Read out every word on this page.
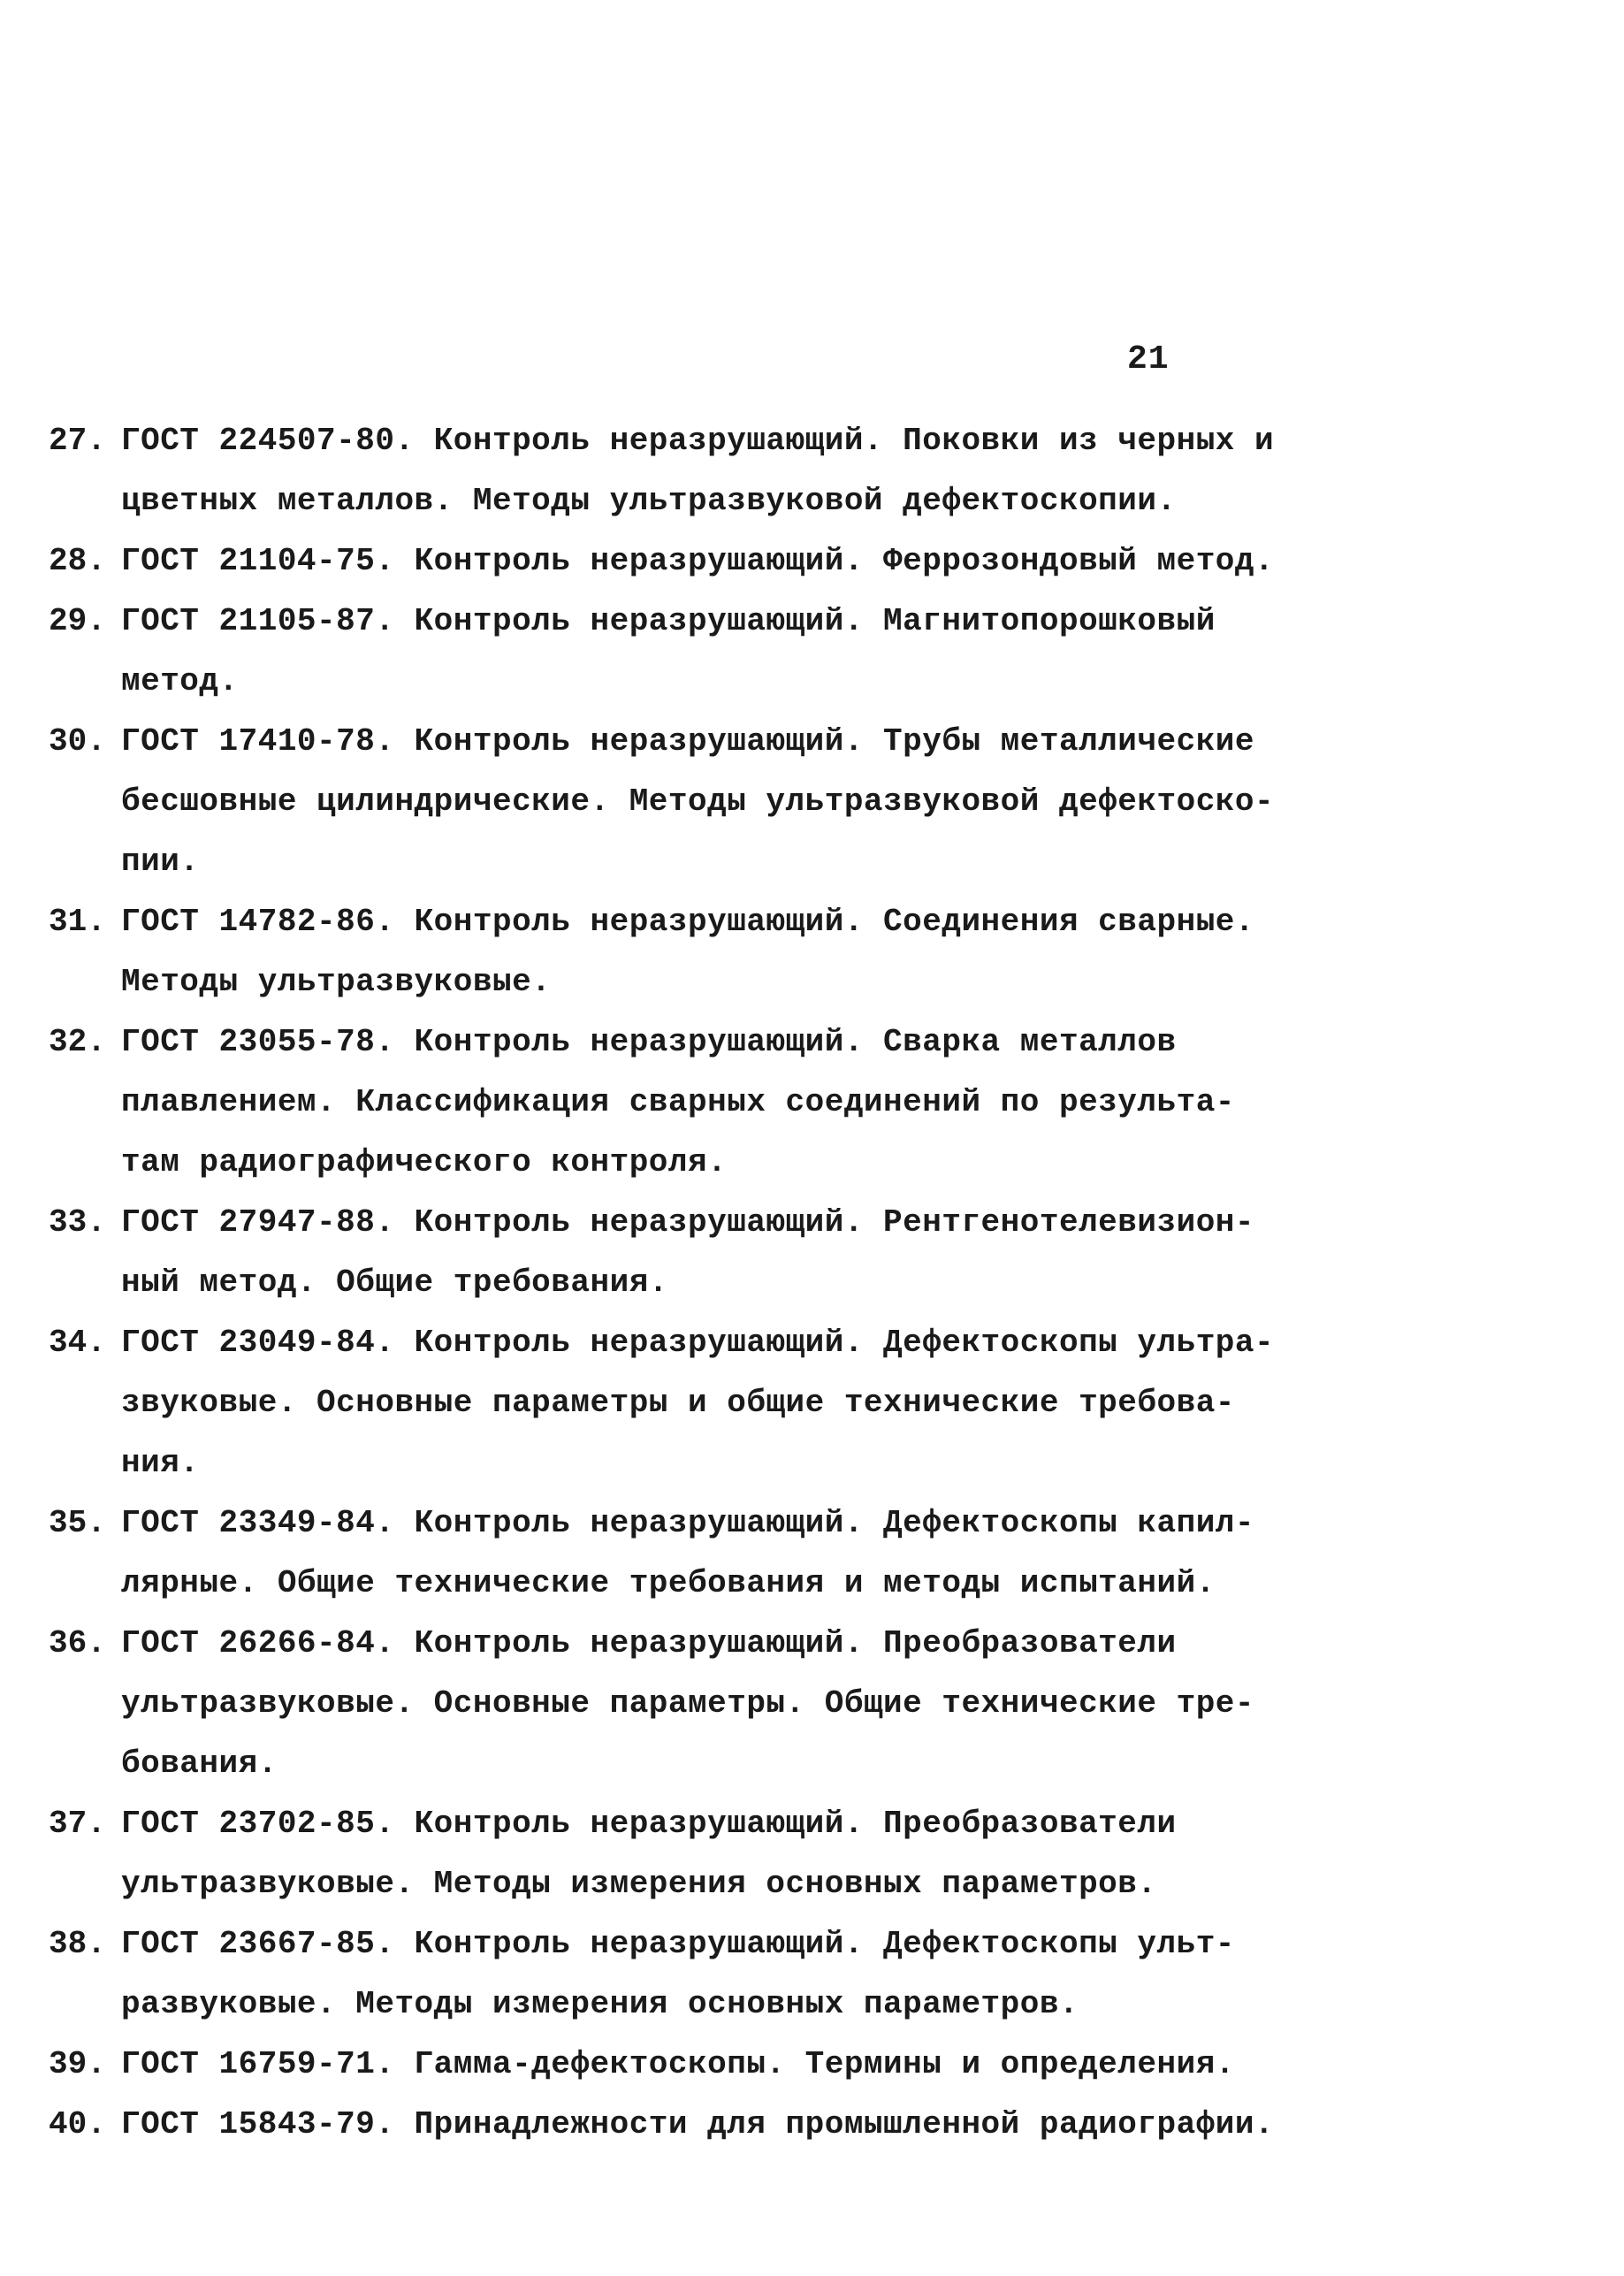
21
27. ГОСТ 224507-80. Контроль неразрушающий. Поковки из черных и
цветных металлов. Методы ультразвуковой дефектоскопии.
28. ГОСТ 21104-75. Контроль неразрушающий. Феррозондовый метод.
29. ГОСТ 21105-87. Контроль неразрушающий. Магнитопорошковый
метод.
30. ГОСТ 17410-78. Контроль неразрушающий. Трубы металлические
бесшовные цилиндрические. Методы ультразвуковой дефектоско-
пии.
31. ГОСТ 14782-86. Контроль неразрушающий. Соединения сварные.
Методы ультразвуковые.
32. ГОСТ 23055-78. Контроль неразрушающий. Сварка металлов
плавлением. Классификация сварных соединений по результа-
там радиографического контроля.
33. ГОСТ 27947-88. Контроль неразрушающий. Рентгенотелевизион-
ный метод. Общие требования.
34. ГОСТ 23049-84. Контроль неразрушающий. Дефектоскопы ультра-
звуковые. Основные параметры и общие технические требова-
ния.
35. ГОСТ 23349-84. Контроль неразрушающий. Дефектоскопы капил-
лярные. Общие технические требования и методы испытаний.
36. ГОСТ 26266-84. Контроль неразрушающий. Преобразователи
ультразвуковые. Основные параметры. Общие технические тре-
бования.
37. ГОСТ 23702-85. Контроль неразрушающий. Преобразователи
ультразвуковые. Методы измерения основных параметров.
38. ГОСТ 23667-85. Контроль неразрушающий. Дефектоскопы ульт-
развуковые. Методы измерения основных параметров.
39. ГОСТ 16759-71. Гамма-дефектоскопы. Термины и определения.
40. ГОСТ 15843-79. Принадлежности для промышленной радиографии.
